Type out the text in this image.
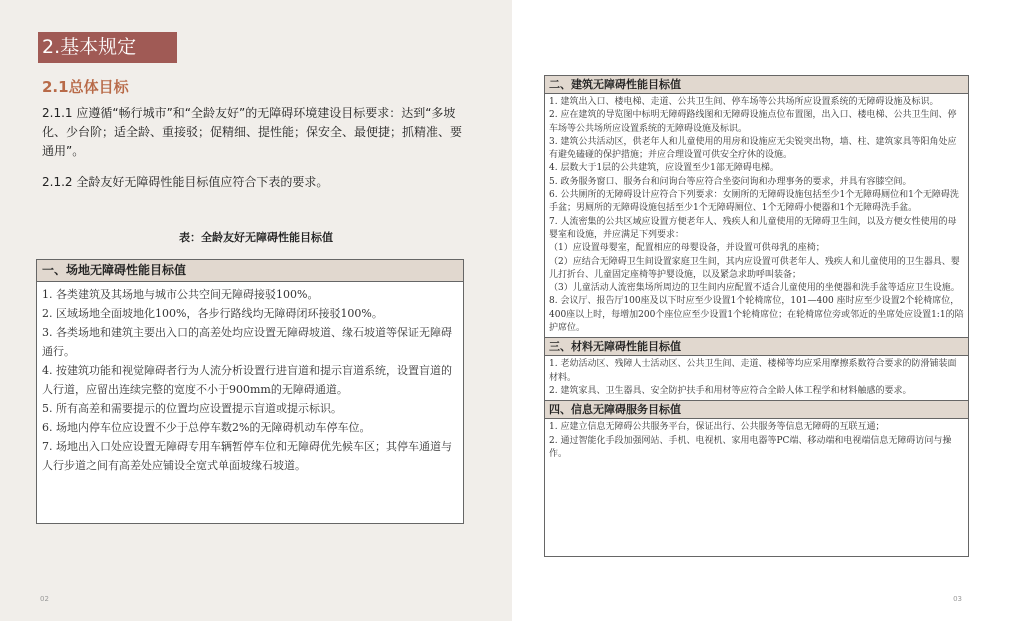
2.基本规定
2.1总体目标
2.1.1 应遵循“畅行城市”和“全龄友好”的无障碍环境建设目标要求：达到“多坡化、少台阶；适全龄、重接驳；促精细、提性能；保安全、最便捷；抓精准、要通用”。
2.1.2 全龄友好无障碍性能目标值应符合下表的要求。
表：全龄友好无障碍性能目标值
一、场地无障碍性能目标值

1. 各类建筑及其场地与城市公共空间无障碍接驳100%。

2. 区域场地全面坡地化100%，各步行路线均无障碍闭环接驳100%。

3. 各类场地和建筑主要出入口的高差处均应设置无障碍坡道、缘石坡道等保证无障碍通行。

4. 按建筑功能和视觉障碍者行为人流分析设置行进盲道和提示盲道系统，设置盲道的人行道，应留出连续完整的宽度不小于900mm的无障碍通道。

5. 所有高差和需要提示的位置均应设置提示盲道或提示标识。

6. 场地内停车位应设置不少于总停车数2%的无障碍机动车停车位。

7. 场地出入口处应设置无障碍专用车辆暂停车位和无障碍优先候车区；其停车通道与人行步道之间有高差处应铺设全宽式单面坡缘石坡道。

02
二、建筑无障碍性能目标值

1. 建筑出入口、楼电梯、走道、公共卫生间、停车场等公共场所应设置系统的无障碍设施及标识。

2. 应在建筑的导览图中标明无障碍路线图和无障碍设施点位布置图，出入口、楼电梯、公共卫生间、停车场等公共场所应设置系统的无障碍设施及标识。

3. 建筑公共活动区，供老年人和儿童使用的用房和设施应无尖锐突出物，墙、柱、建筑家具等阳角处应有避免磕碰的保护措施；并应合理设置可供安全疗休的设施。

4. 层数大于1层的公共建筑，应设置至少1部无障碍电梯。

5. 政务服务窗口、服务台和问询台等应符合坐姿问询和办理事务的要求，并具有容膝空间。

6. 公共厕所的无障碍设计应符合下列要求：女厕所的无障碍设施包括至少1个无障碍厕位和1个无障碍洗手盆；男厕所的无障碍设施包括至少1个无障碍厕位、1个无障碍小便器和1个无障碍洗手盆。

7. 人流密集的公共区域应设置方便老年人、残疾人和儿童使用的无障碍卫生间，以及方便女性使用的母婴室和设施，并应满足下列要求：

（1）应设置母婴室，配置相应的母婴设备，并设置可供母乳的座椅；

（2）应结合无障碍卫生间设置家庭卫生间，其内应设置可供老年人、残疾人和儿童使用的卫生器具、婴儿打折台、儿童固定座椅等护婴设施，以及紧急求助呼叫装备；

（3）儿童活动人流密集场所周边的卫生间内应配置不适合儿童使用的坐便器和洗手盆等适应卫生设施。

8. 会议厅、报告厅100座及以下时应至少设置1个轮椅席位，101—400 座时应至少设置2个轮椅席位，400座以上时，每增加200个座位应至少设置1个轮椅席位；在轮椅席位旁或邻近的坐席处应设置1:1的陪护席位。

三、材料无障碍性能目标值

1. 老幼活动区、残障人士活动区、公共卫生间、走道、楼梯等均应采用摩擦系数符合要求的防滑铺装面材料。

2. 建筑家具、卫生器具、安全防护扶手和用材等应符合全龄人体工程学和材料触感的要求。

四、信息无障碍服务目标值

1. 应建立信息无障碍公共服务平台，保证出行、公共服务等信息无障碍的互联互通；

2. 通过智能化手段加强网站、手机、电视机、家用电器等PC端、移动端和电视端信息无障碍访问与操作。

03
